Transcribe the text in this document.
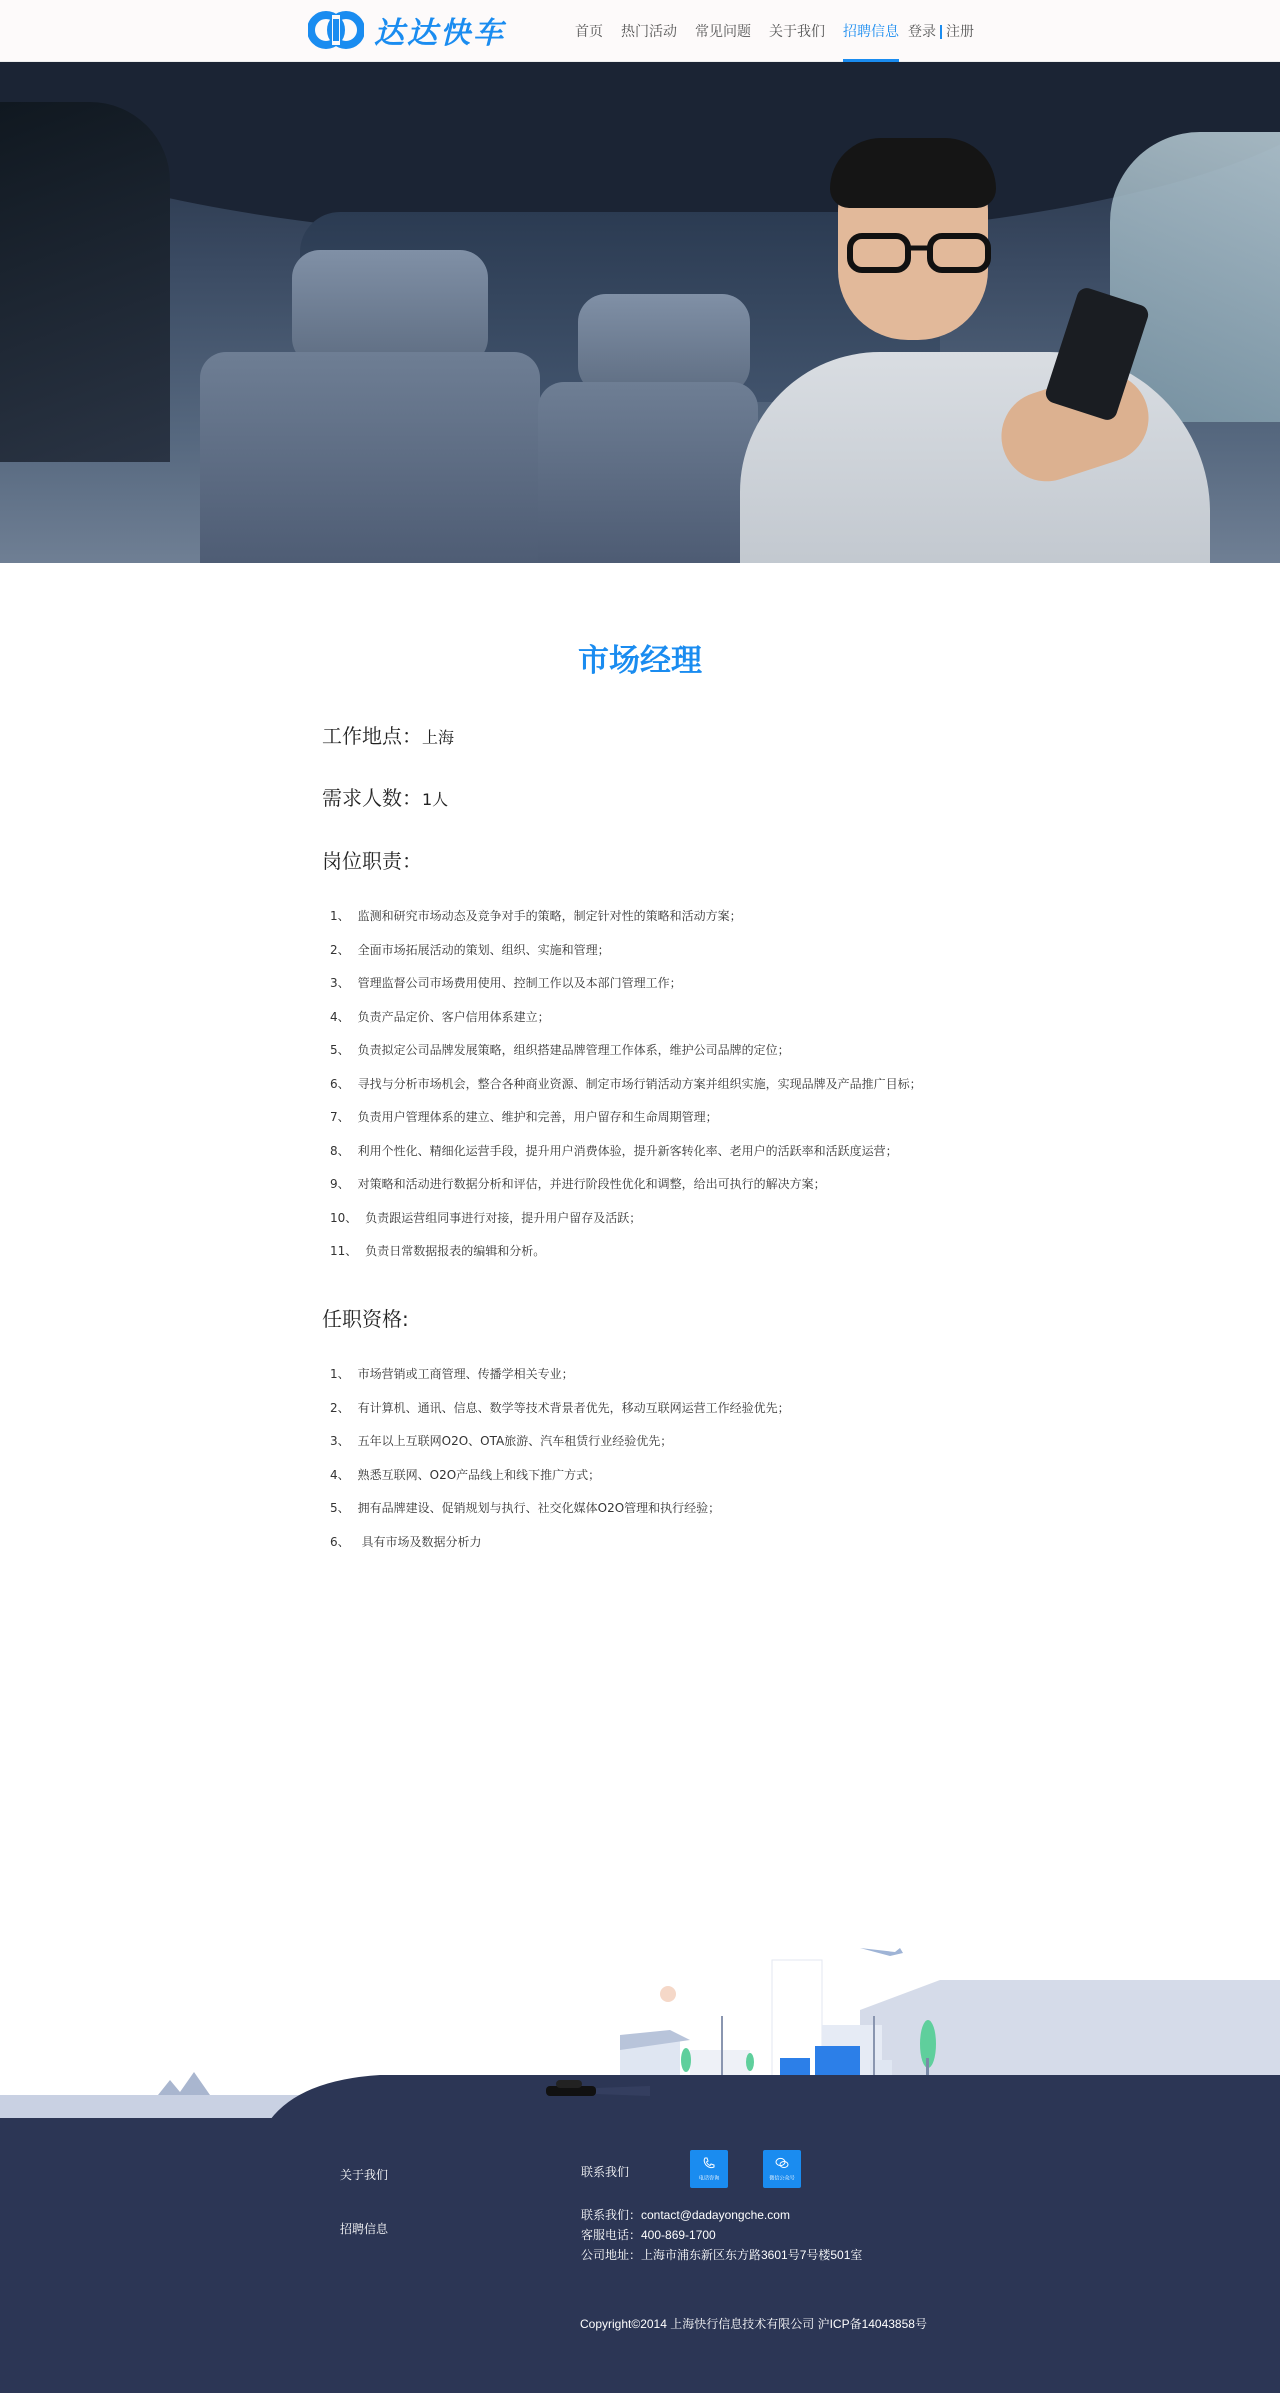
达达快车	首页 热门活动 常见问题 关于我们 招聘信息 登录 注册
市场经理
工作地点：上海
需求人数：1人
岗位职责：
1、 监测和研究市场动态及竞争对手的策略，制定针对性的策略和活动方案；
2、 全面市场拓展活动的策划、组织、实施和管理；
3、 管理监督公司市场费用使用、控制工作以及本部门管理工作；
4、 负责产品定价、客户信用体系建立；
5、 负责拟定公司品牌发展策略，组织搭建品牌管理工作体系，维护公司品牌的定位；
6、 寻找与分析市场机会，整合各种商业资源、制定市场行销活动方案并组织实施，实现品牌及产品推广目标；
7、 负责用户管理体系的建立、维护和完善，用户留存和生命周期管理；
8、 利用个性化、精细化运营手段，提升用户消费体验，提升新客转化率、老用户的活跃率和活跃度运营；
9、 对策略和活动进行数据分析和评估，并进行阶段性优化和调整，给出可执行的解决方案；
10、 负责跟运营组同事进行对接，提升用户留存及活跃；
11、 负责日常数据报表的编辑和分析。
任职资格:
1、 市场营销或工商管理、传播学相关专业；
2、 有计算机、通讯、信息、数学等技术背景者优先，移动互联网运营工作经验优先；
3、 五年以上互联网O2O、OTA旅游、汽车租赁行业经验优先；
4、 熟悉互联网、O2O产品线上和线下推广方式；
5、 拥有品牌建设、促销规划与执行、社交化媒体O2O管理和执行经验；
6、 具有市场及数据分析力
关于我们
招聘信息
联系我们	电话咨询	微信公众号
联系我们：contact@dadayongche.com
客服电话：400-869-1700
公司地址：上海市浦东新区东方路3601号7号楼501室
Copyright©2014 上海快行信息技术有限公司 沪ICP备14043858号
